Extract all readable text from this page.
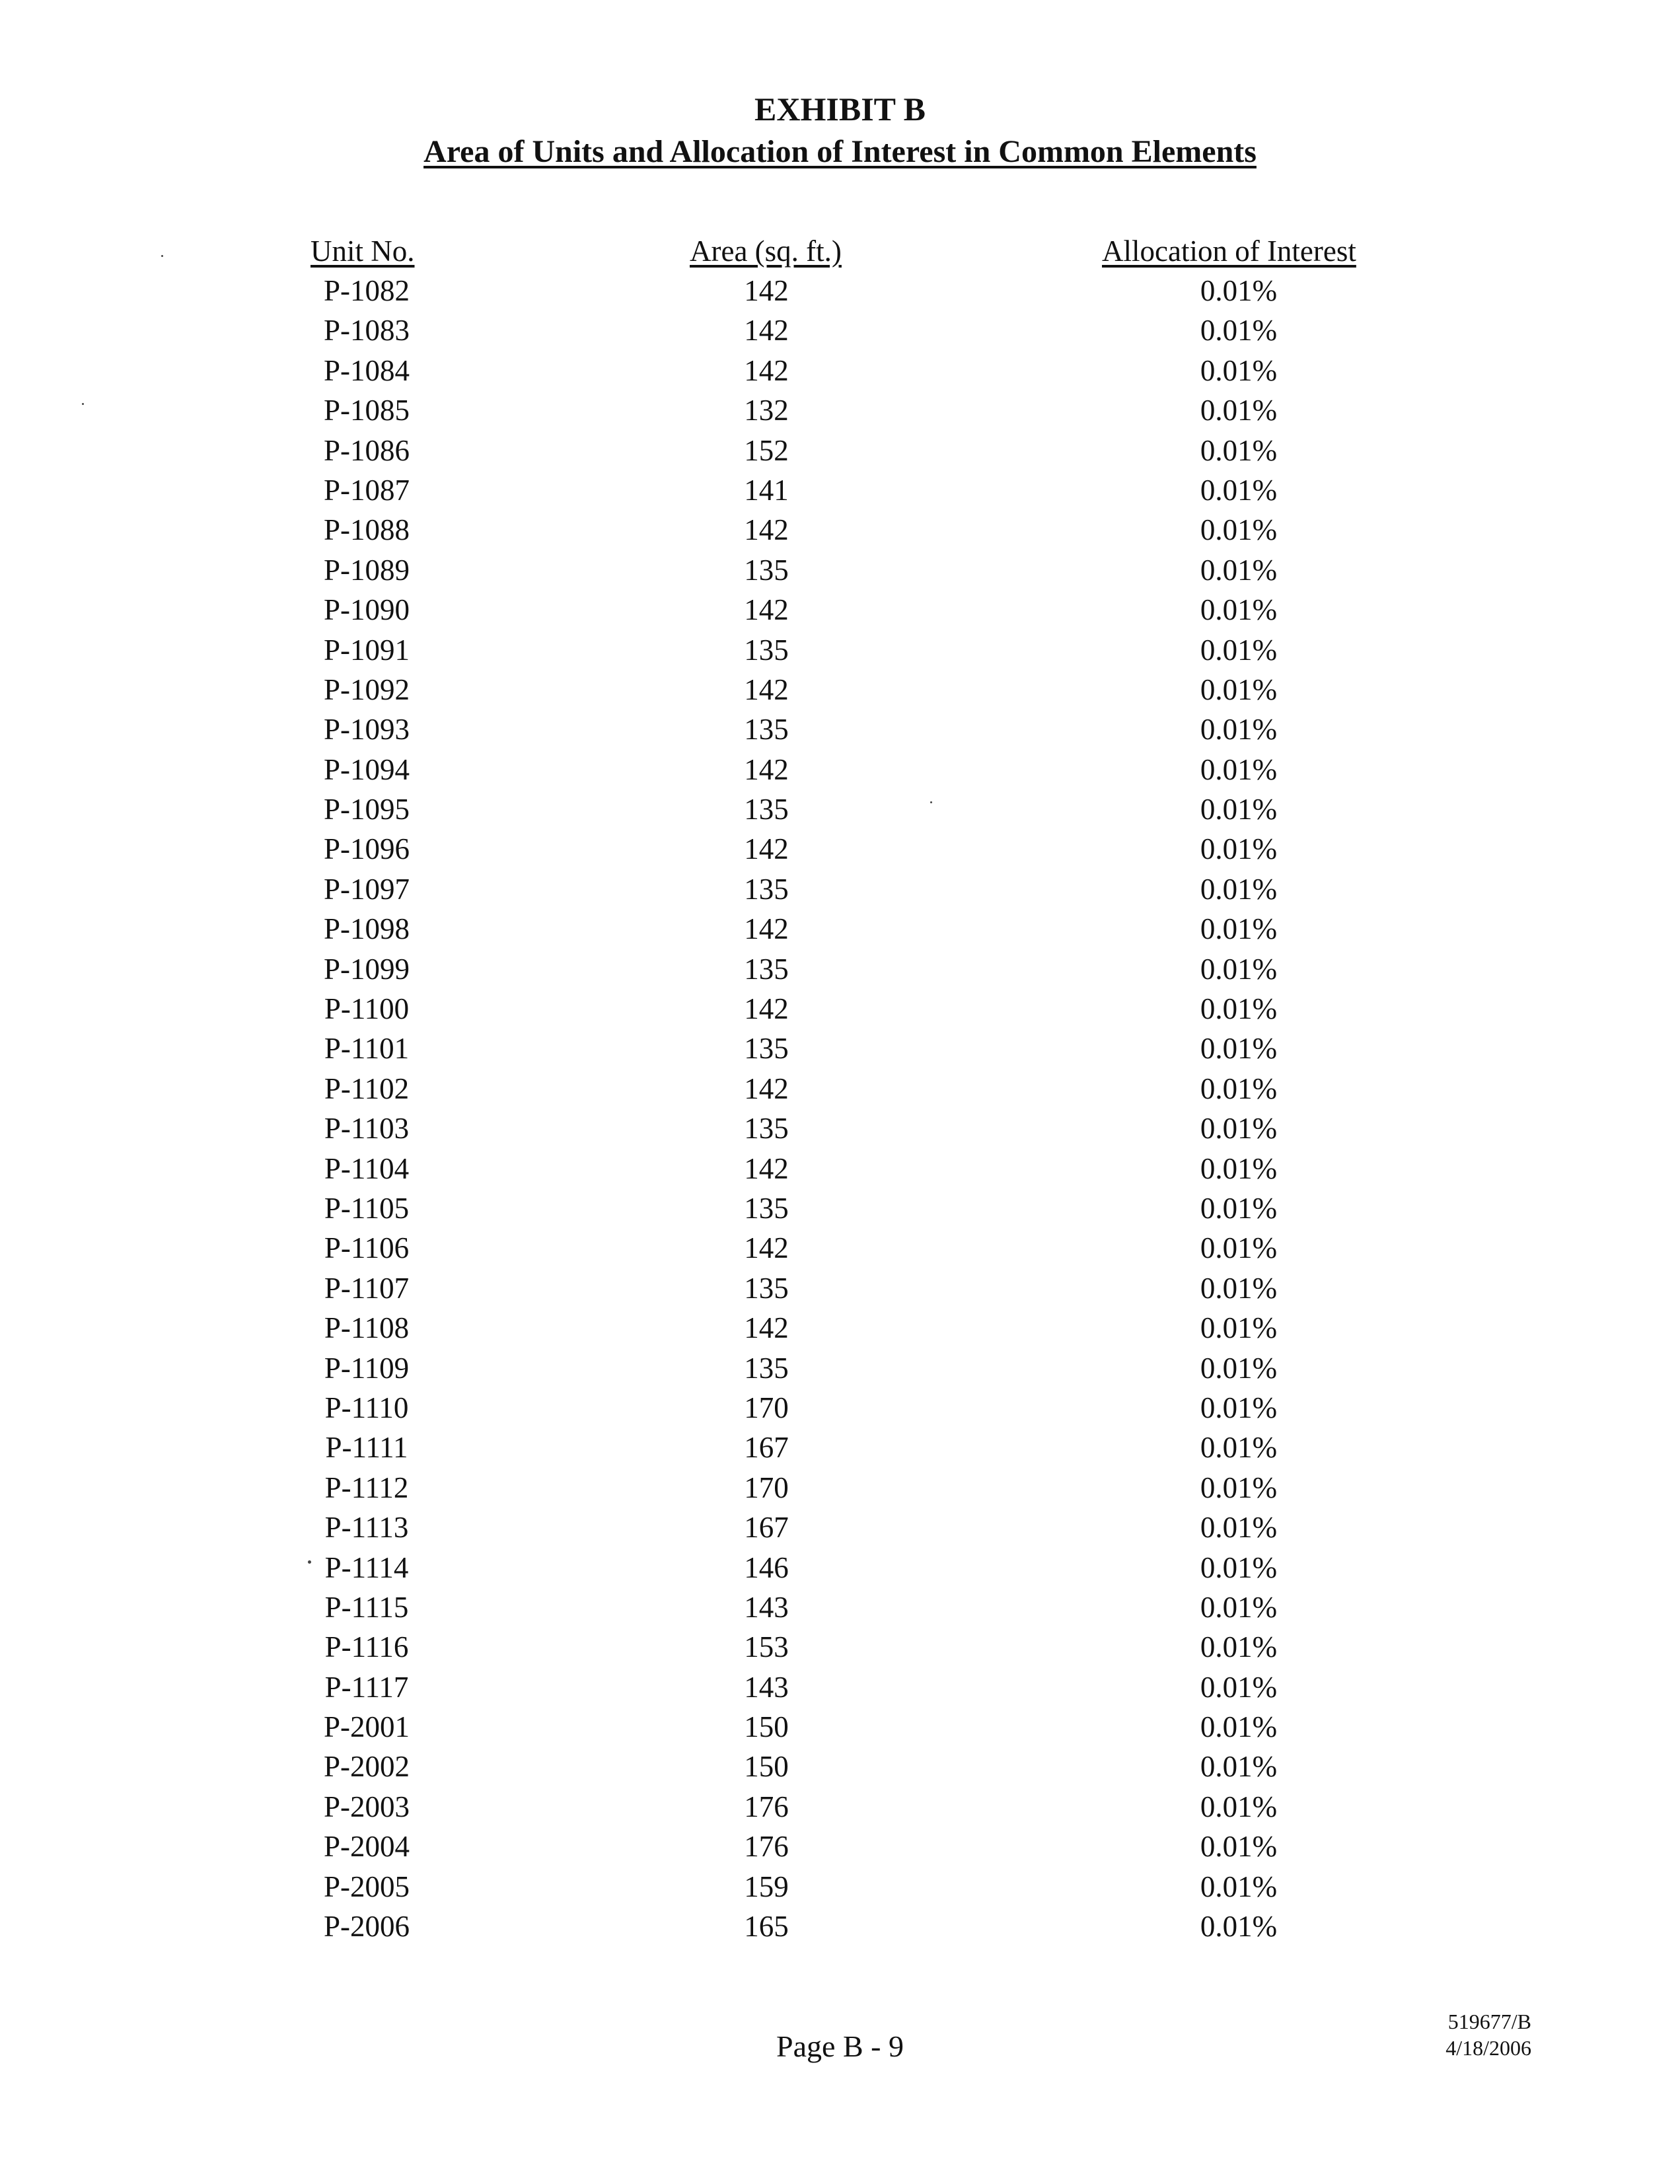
EXHIBIT B
Area of Units and Allocation of Interest in Common Elements
Unit No.	Area (sq. ft.)	Allocation of Interest
P-1082	142	0.01%
P-1083	142	0.01%
P-1084	142	0.01%
P-1085	132	0.01%
P-1086	152	0.01%
P-1087	141	0.01%
P-1088	142	0.01%
P-1089	135	0.01%
P-1090	142	0.01%
P-1091	135	0.01%
P-1092	142	0.01%
P-1093	135	0.01%
P-1094	142	0.01%
P-1095	135	0.01%
P-1096	142	0.01%
P-1097	135	0.01%
P-1098	142	0.01%
P-1099	135	0.01%
P-1100	142	0.01%
P-1101	135	0.01%
P-1102	142	0.01%
P-1103	135	0.01%
P-1104	142	0.01%
P-1105	135	0.01%
P-1106	142	0.01%
P-1107	135	0.01%
P-1108	142	0.01%
P-1109	135	0.01%
P-1110	170	0.01%
P-1111	167	0.01%
P-1112	170	0.01%
P-1113	167	0.01%
P-1114	146	0.01%
P-1115	143	0.01%
P-1116	153	0.01%
P-1117	143	0.01%
P-2001	150	0.01%
P-2002	150	0.01%
P-2003	176	0.01%
P-2004	176	0.01%
P-2005	159	0.01%
P-2006	165	0.01%
Page B - 9
519677/B
4/18/2006
